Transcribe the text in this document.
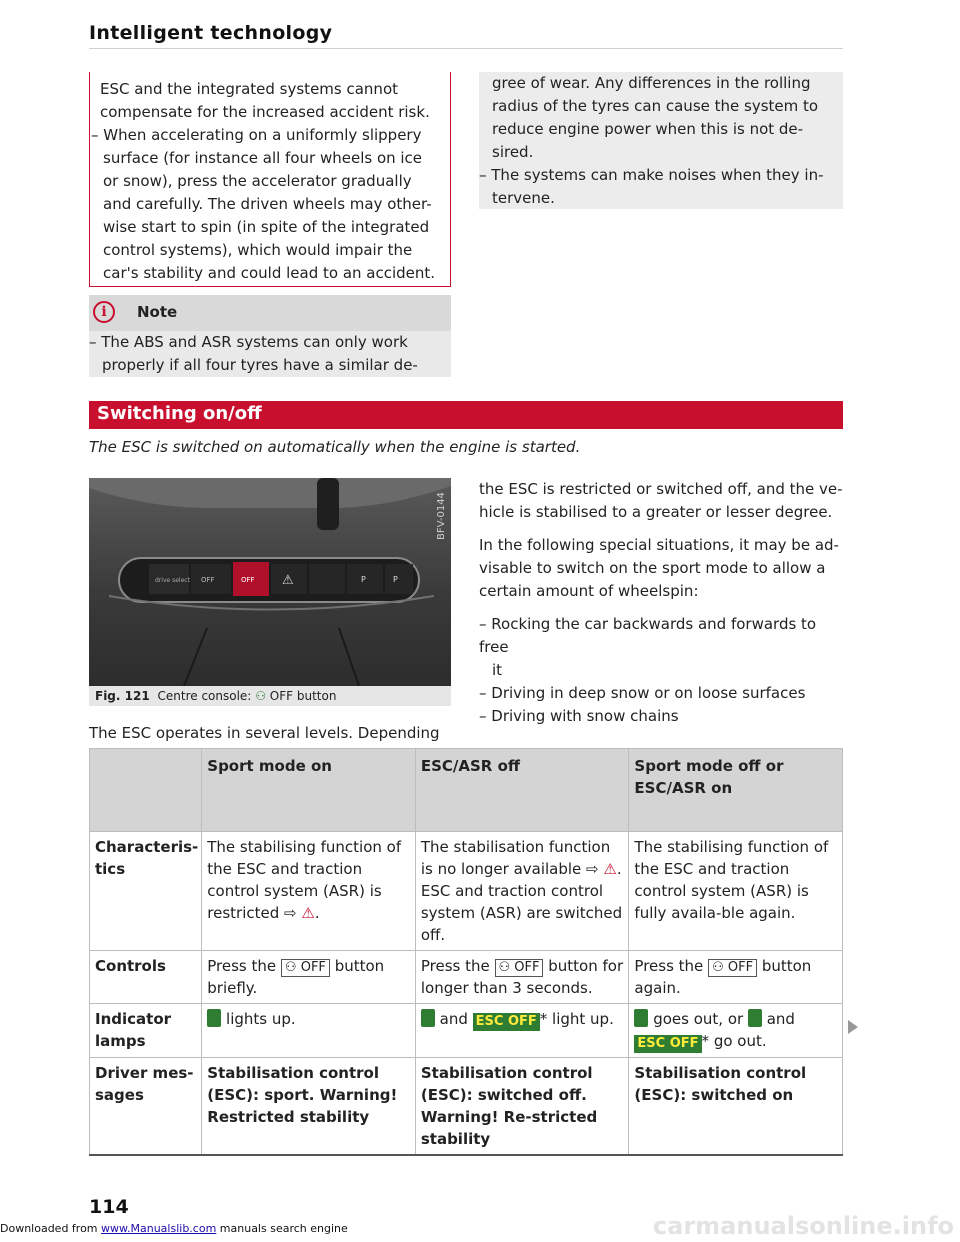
Intelligent technology

ESC and the integrated systems cannot

compensate for the increased accident risk.

– When accelerating on a uniformly slippery

surface (for instance all four wheels on ice

or snow), press the accelerator gradually

and carefully. The driven wheels may other-

wise start to spin (in spite of the integrated

control systems), which would impair the

car's stability and could lead to an accident.

i	Note
– The ABS and ASR systems can only work
properly if all four tyres have a similar de-
gree of wear. Any differences in the rolling
radius of the tyres can cause the system to
reduce engine power when this is not de-
sired.
– The systems can make noises when they in-
tervene.
Switching on/off
The ESC is switched on automatically when the engine is started.
drive select OFF	OFF ⚠	P	P
BFV-0144
Fig. 121 Centre console: ⚇ OFF button
The ESC operates in several levels. Depending
the ESC is restricted or switched off, and the ve-
hicle is stabilised to a greater or lesser degree.
In the following special situations, it may be ad-
visable to switch on the sport mode to allow a
certain amount of wheelspin:
– Rocking the car backwards and forwards to free
it
– Driving in deep snow or on loose surfaces
– Driving with snow chains
	Sport mode on	ESC/ASR off	Sport mode off or ESC/ASR on
Characteris-tics	The stabilising function of the ESC and traction control system (ASR) is restricted ⇨ ⚠.	The stabilisation function is no longer available ⇨ ⚠. ESC and traction control system (ASR) are switched off.	The stabilising function of the ESC and traction control system (ASR) is fully availa-ble again.
Controls	Press the ⚇ OFF button briefly.	Press the ⚇ OFF button for longer than 3 seconds.	Press the ⚇ OFF button again.
Indicator lamps	lights up.	and ESC OFF * light up.	goes out, or and
ESC OFF * go out.
Driver mes-sages	Stabilisation control (ESC): sport. Warning! Restricted stability	Stabilisation control (ESC): switched off. Warning! Re-stricted stability	Stabilisation control (ESC): switched on
114
Downloaded from www.Manualslib.com manuals search engine	carmanualsonline.info
